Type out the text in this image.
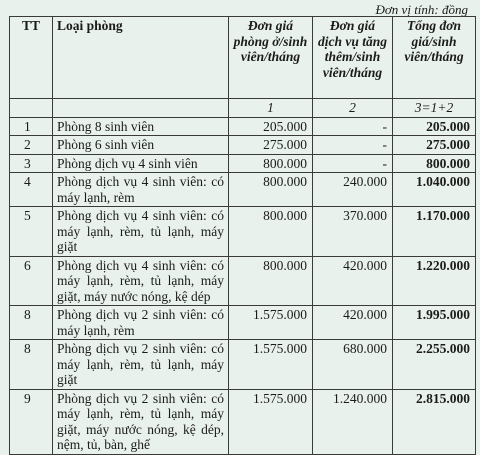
Đơn vị tính: đồng
TT	Loại phòng	Đơn giá phòng ở/sinh viên/tháng	Đơn giá dịch vụ tăng thêm/sinh viên/tháng	Tổng đơn giá/sinh viên/tháng
		1	2	3=1+2
1	Phòng 8 sinh viên	205.000	-	205.000
2	Phòng 6 sinh viên	275.000	-	275.000
3	Phòng dịch vụ 4 sinh viên	800.000	-	800.000
4	Phòng dịch vụ 4 sinh viên: có máy lạnh, rèm	800.000	240.000	1.040.000
5	Phòng dịch vụ 4 sinh viên: có máy lạnh, rèm, tủ lạnh, máy giặt	800.000	370.000	1.170.000
6	Phòng dịch vụ 4 sinh viên: có máy lạnh, rèm, tủ lạnh, máy giặt, máy nước nóng, kệ dép	800.000	420.000	1.220.000
8	Phòng dịch vụ 2 sinh viên: có máy lạnh, rèm	1.575.000	420.000	1.995.000
8	Phòng dịch vụ 2 sinh viên: có máy lạnh, rèm, tủ lạnh, máy giặt	1.575.000	680.000	2.255.000
9	Phòng dịch vụ 2 sinh viên: có máy lạnh, rèm, tủ lạnh, máy giặt, máy nước nóng, kệ dép, nệm, tủ, bàn, ghế	1.575.000	1.240.000	2.815.000
